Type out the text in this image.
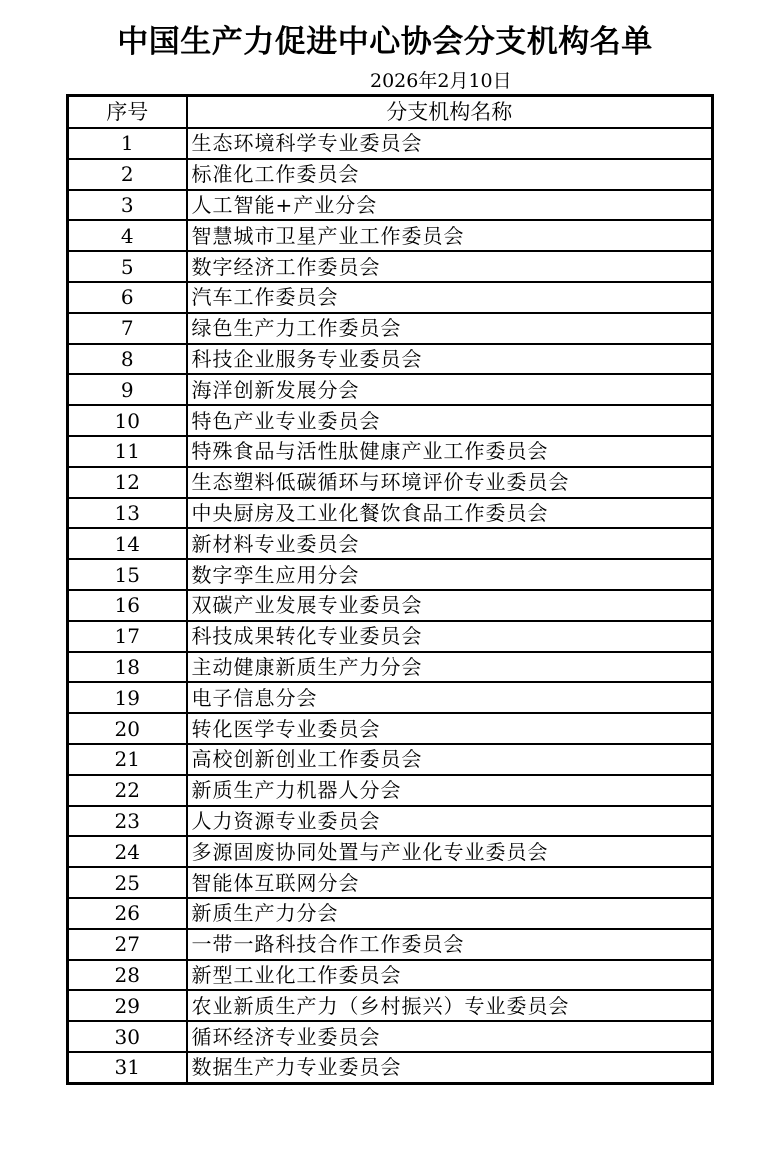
中国生产力促进中心协会分支机构名单
2026年2月10日
序号	分支机构名称
1	生态环境科学专业委员会
2	标准化工作委员会
3	人工智能+产业分会
4	智慧城市卫星产业工作委员会
5	数字经济工作委员会
6	汽车工作委员会
7	绿色生产力工作委员会
8	科技企业服务专业委员会
9	海洋创新发展分会
10	特色产业专业委员会
11	特殊食品与活性肽健康产业工作委员会
12	生态塑料低碳循环与环境评价专业委员会
13	中央厨房及工业化餐饮食品工作委员会
14	新材料专业委员会
15	数字孪生应用分会
16	双碳产业发展专业委员会
17	科技成果转化专业委员会
18	主动健康新质生产力分会
19	电子信息分会
20	转化医学专业委员会
21	高校创新创业工作委员会
22	新质生产力机器人分会
23	人力资源专业委员会
24	多源固废协同处置与产业化专业委员会
25	智能体互联网分会
26	新质生产力分会
27	一带一路科技合作工作委员会
28	新型工业化工作委员会
29	农业新质生产力（乡村振兴）专业委员会
30	循环经济专业委员会
31	数据生产力专业委员会
